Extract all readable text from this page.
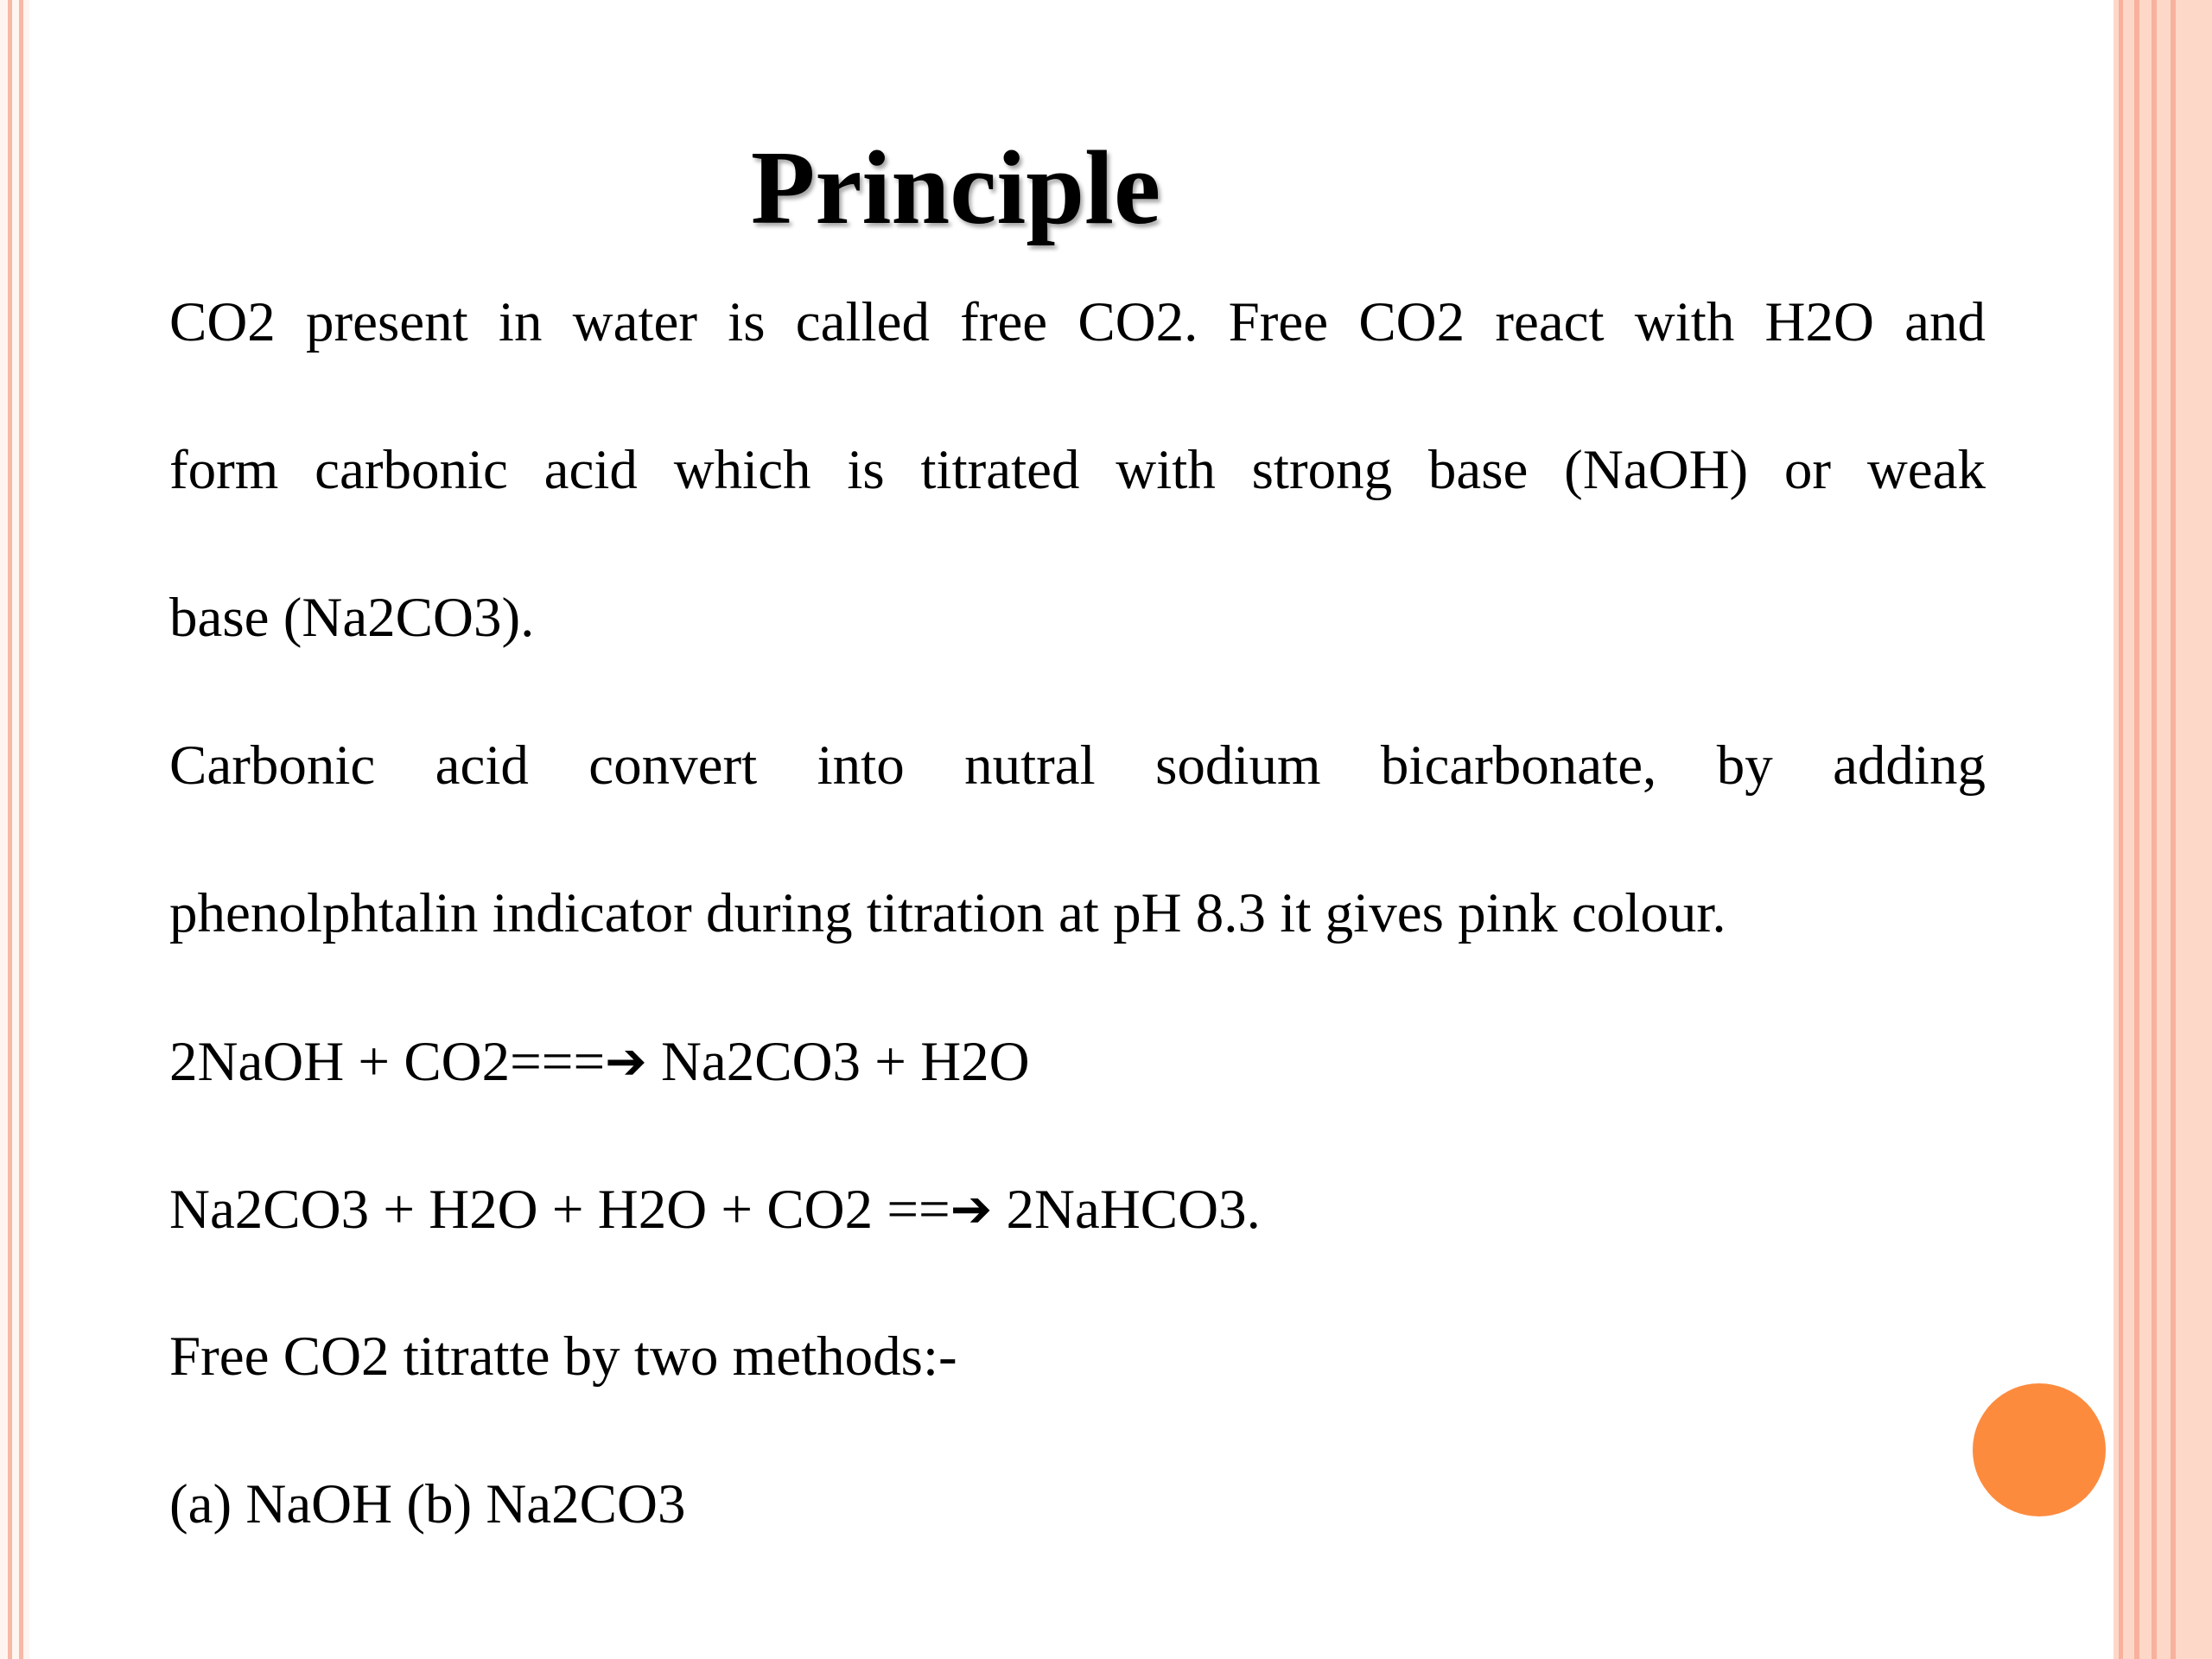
Principle
CO2 present in water is called free CO2. Free CO2 react with H2O and
form carbonic acid which is titrated with strong base (NaOH) or weak
base (Na2CO3).
Carbonic acid convert into nutral sodium bicarbonate, by adding
phenolphtalin indicator during titration at pH 8.3 it gives pink colour.
2NaOH + CO2===➔ Na2CO3 + H2O
Na2CO3 + H2O + H2O + CO2 ==➔ 2NaHCO3.
Free CO2 titratte by two methods:-
(a) NaOH (b) Na2CO3
